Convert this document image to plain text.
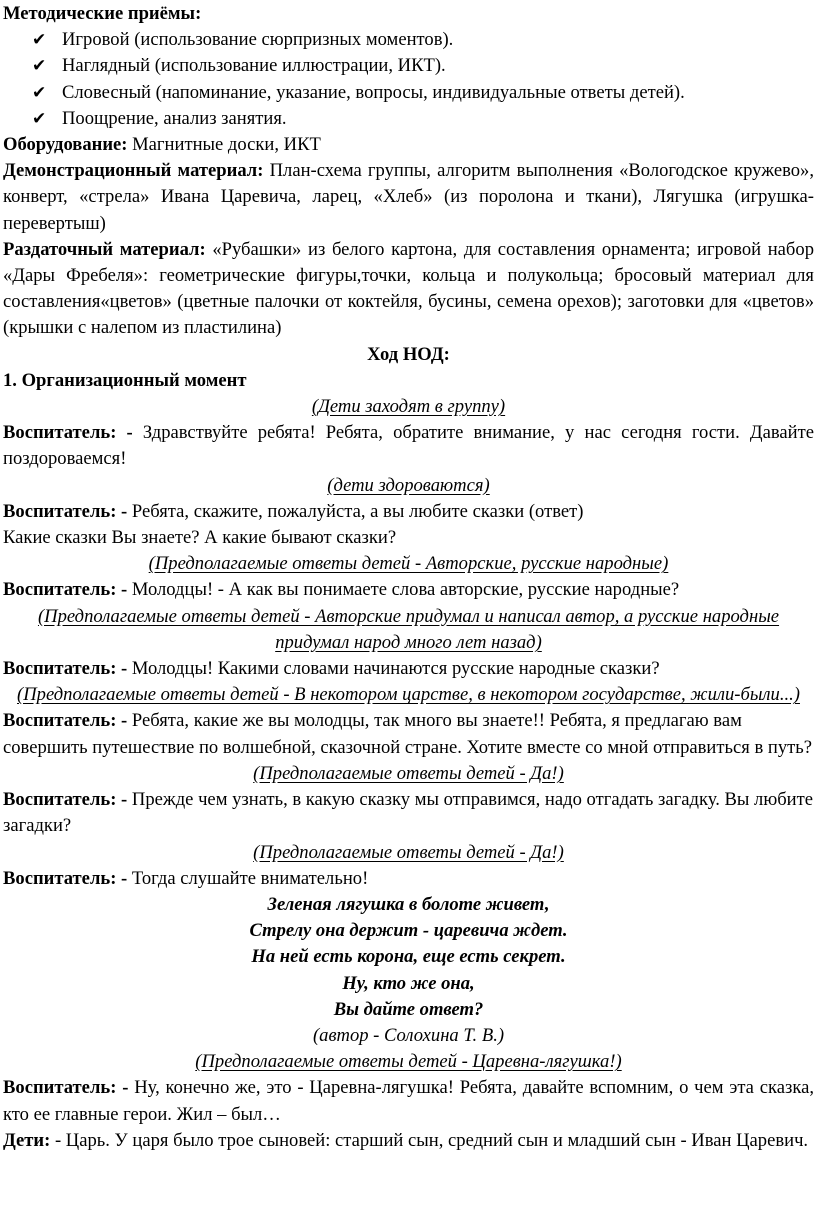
Методические приёмы:

✔ Игровой (использование сюрпризных моментов).
✔ Наглядный (использование иллюстрации, ИКТ).
✔ Словесный (напоминание, указание, вопросы, индивидуальные ответы детей).
✔ Поощрение, анализ занятия.

Оборудование: Магнитные доски, ИКТ

Демонстрационный материал: План-схема группы, алгоритм выполнения «Вологодское кружево», конверт, «стрела» Ивана Царевича, ларец, «Хлеб» (из поролона и ткани), Лягушка (игрушка- перевертыш)

Раздаточный материал: «Рубашки» из белого картона, для составления орнамента; игровой набор «Дары Фребеля»: геометрические фигуры,точки, кольца и полукольца; бросовый материал для составления«цветов» (цветные палочки от коктейля, бусины, семена орехов); заготовки для «цветов» (крышки с налепом из пластилина)

Ход НОД:

1. Организационный момент

(Дети заходят в группу)

Воспитатель: - Здравствуйте ребята! Ребята, обратите внимание, у нас сегодня гости. Давайте поздороваемся!

(дети здороваются)

Воспитатель: - Ребята, скажите, пожалуйста, а вы любите сказки (ответ)

Какие сказки Вы знаете? А какие бывают сказки?

(Предполагаемые ответы детей - Авторские, русские народные)

Воспитатель: - Молодцы! - А как вы понимаете слова авторские, русские народные?

(Предполагаемые ответы детей - Авторские придумал и написал автор, а русские народные придумал народ много лет назад)

Воспитатель: - Молодцы! Какими словами начинаются русские народные сказки?

(Предполагаемые ответы детей - В некотором царстве, в некотором государстве, жили-были...)

Воспитатель: - Ребята, какие же вы молодцы, так много вы знаете!! Ребята, я предлагаю вам совершить путешествие по волшебной, сказочной стране. Хотите вместе со мной отправиться в путь?

(Предполагаемые ответы детей - Да!)

Воспитатель: - Прежде чем узнать, в какую сказку мы отправимся, надо отгадать загадку. Вы любите загадки?

(Предполагаемые ответы детей - Да!)

Воспитатель: - Тогда слушайте внимательно!

Зеленая лягушка в болоте живет,

Стрелу она держит - царевича ждет.

На ней есть корона, еще есть секрет.

Ну, кто же она,

Вы дайте ответ?

(автор - Солохина Т. В.)

(Предполагаемые ответы детей - Царевна-лягушка!)

Воспитатель: - Ну, конечно же, это - Царевна-лягушка! Ребята, давайте вспомним, о чем эта сказка, кто ее главные герои. Жил – был…

Дети: - Царь. У царя было трое сыновей: старший сын, средний сын и младший сын - Иван Царевич.
